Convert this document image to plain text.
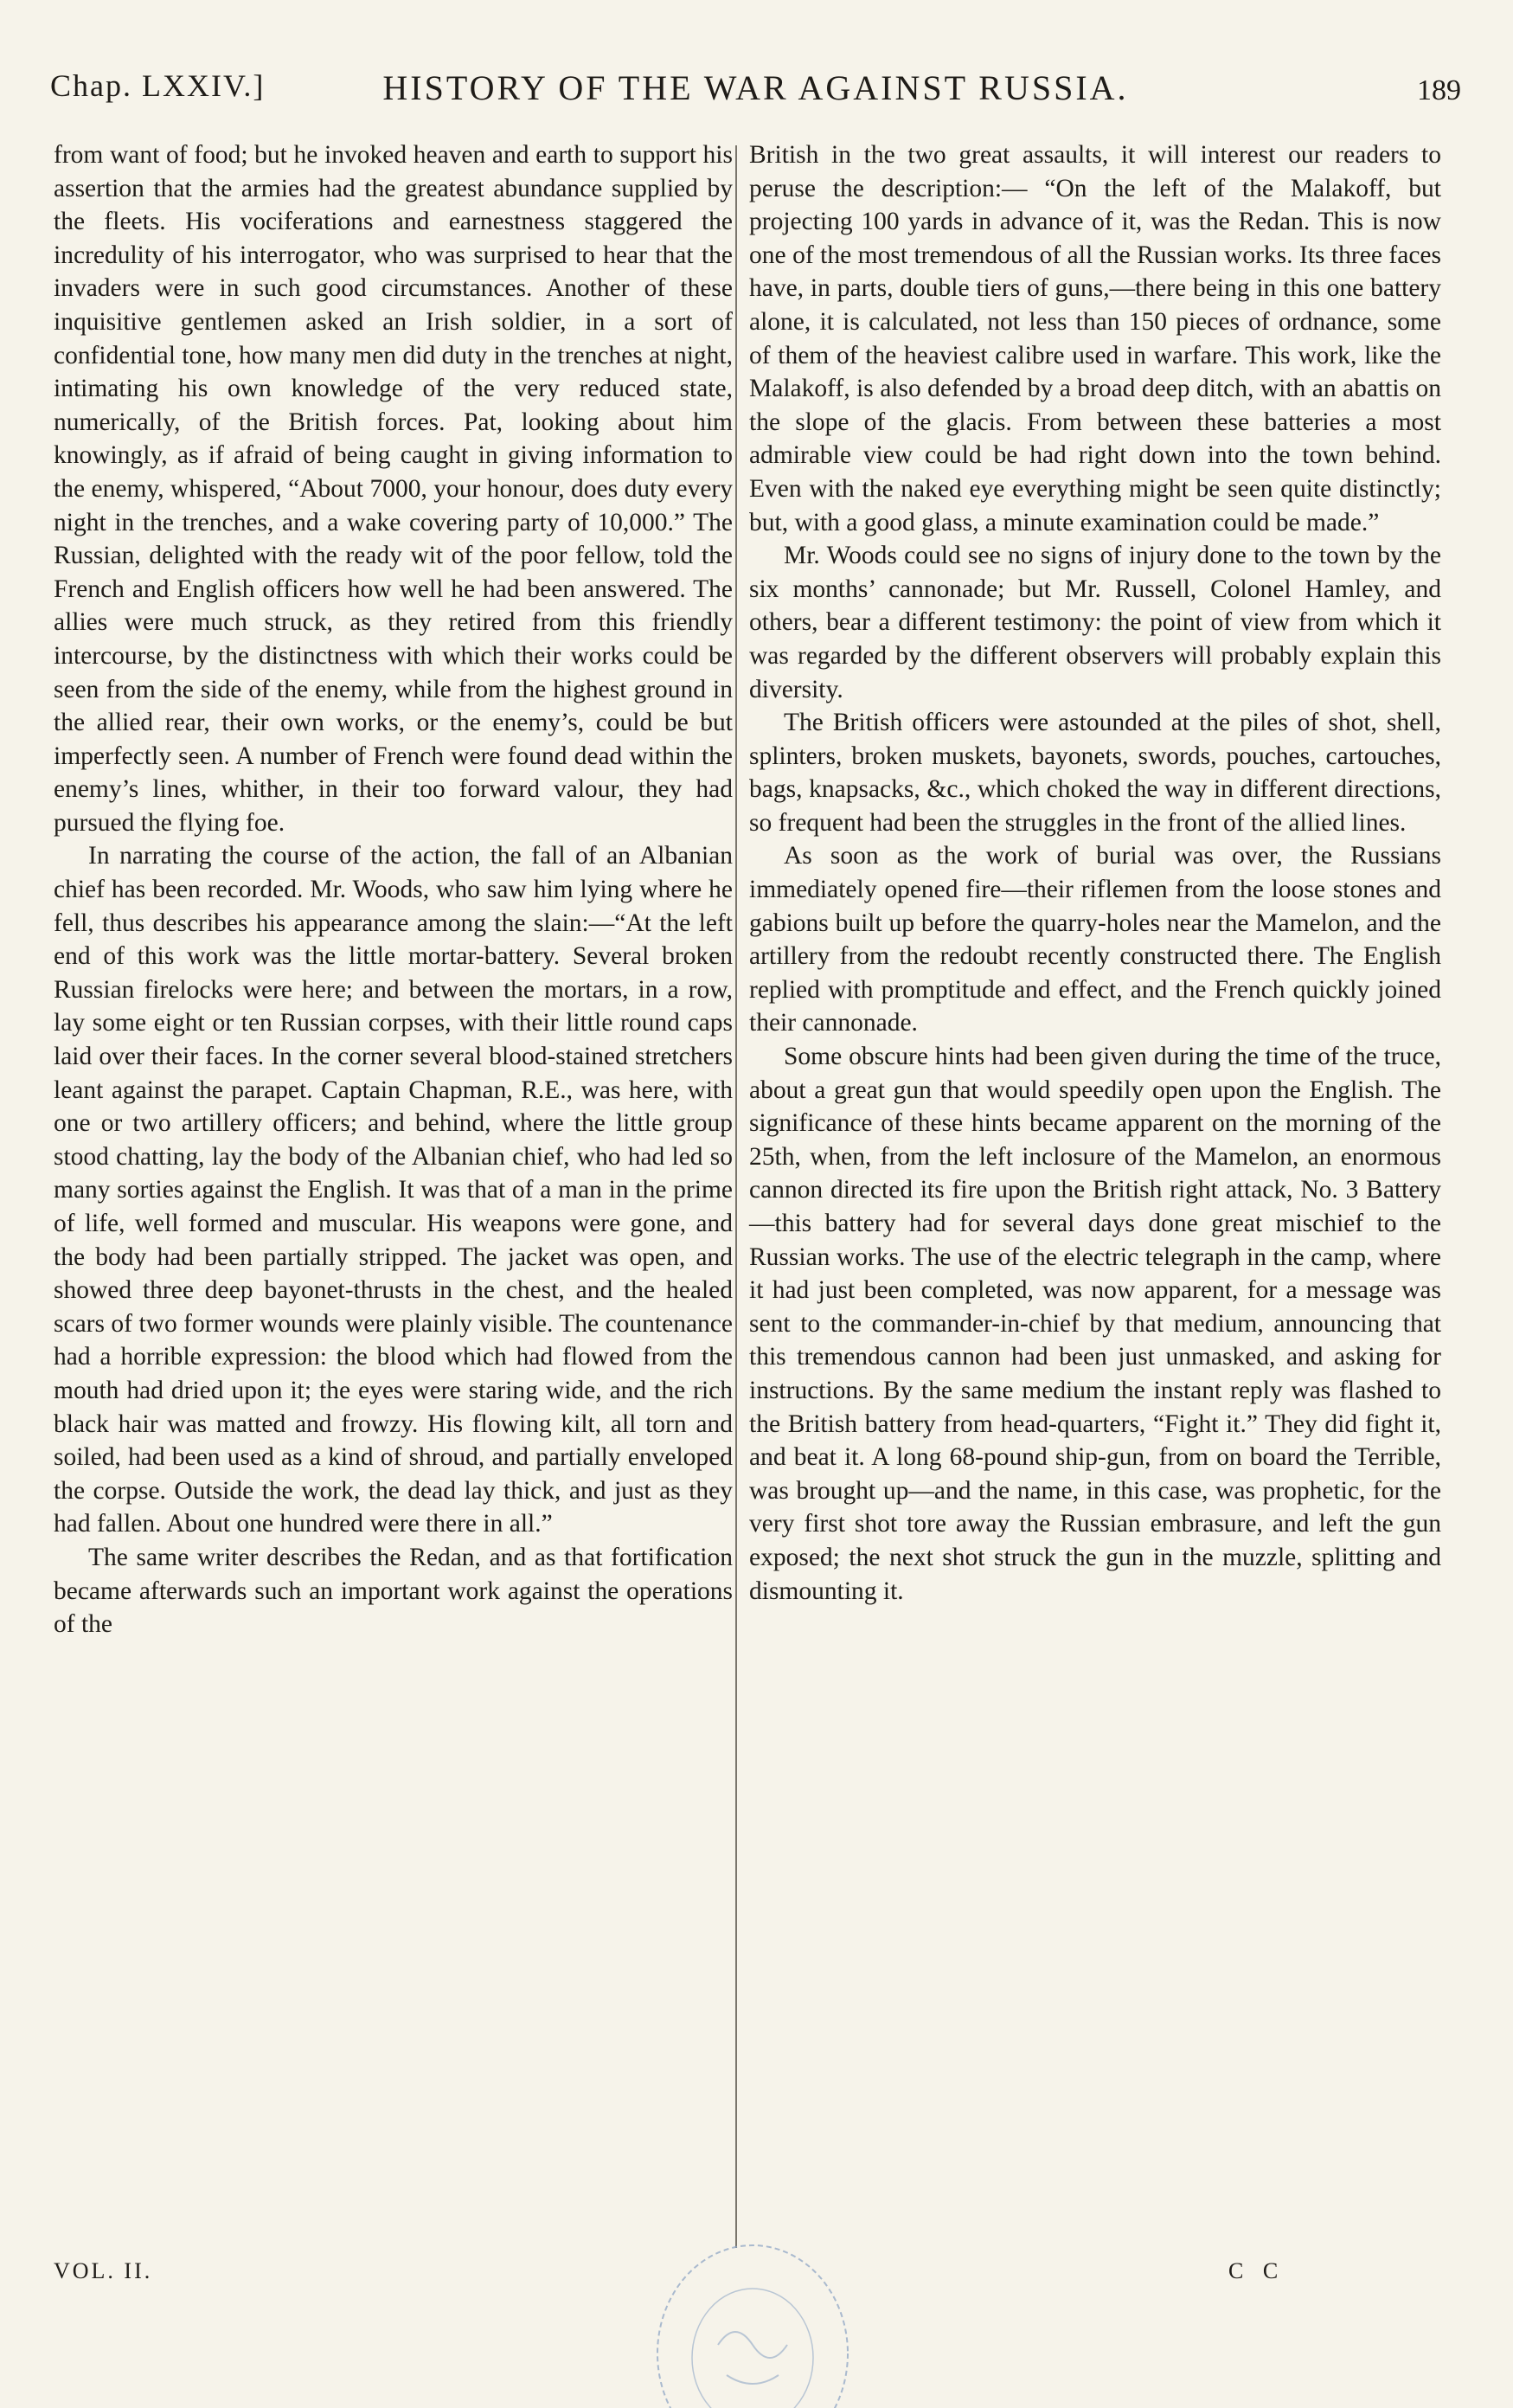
Chap. LXXIV.]	HISTORY OF THE WAR AGAINST RUSSIA.	189

from want of food; but he invoked heaven and earth to support his assertion that the armies had the greatest abundance supplied by the fleets. His vociferations and earnestness staggered the incredulity of his interrogator, who was surprised to hear that the invaders were in such good circumstances. Another of these inquisitive gentlemen asked an Irish soldier, in a sort of confidential tone, how many men did duty in the trenches at night, intimating his own knowledge of the very reduced state, numerically, of the British forces. Pat, looking about him knowingly, as if afraid of being caught in giving information to the enemy, whispered, “About 7000, your honour, does duty every night in the trenches, and a wake covering party of 10,000.” The Russian, delighted with the ready wit of the poor fellow, told the French and English officers how well he had been answered. The allies were much struck, as they retired from this friendly intercourse, by the distinctness with which their works could be seen from the side of the enemy, while from the highest ground in the allied rear, their own works, or the enemy’s, could be but imperfectly seen. A number of French were found dead within the enemy’s lines, whither, in their too forward valour, they had pursued the flying foe.

In narrating the course of the action, the fall of an Albanian chief has been recorded. Mr. Woods, who saw him lying where he fell, thus describes his appearance among the slain:—“At the left end of this work was the little mortar-battery. Several broken Russian firelocks were here; and between the mortars, in a row, lay some eight or ten Russian corpses, with their little round caps laid over their faces. In the corner several blood-stained stretchers leant against the parapet. Captain Chapman, R.E., was here, with one or two artillery officers; and behind, where the little group stood chatting, lay the body of the Albanian chief, who had led so many sorties against the English. It was that of a man in the prime of life, well formed and muscular. His weapons were gone, and the body had been partially stripped. The jacket was open, and showed three deep bayonet-thrusts in the chest, and the healed scars of two former wounds were plainly visible. The countenance had a horrible expression: the blood which had flowed from the mouth had dried upon it; the eyes were staring wide, and the rich black hair was matted and frowzy. His flowing kilt, all torn and soiled, had been used as a kind of shroud, and partially enveloped the corpse. Outside the work, the dead lay thick, and just as they had fallen. About one hundred were there in all.”

The same writer describes the Redan, and as that fortification became afterwards such an important work against the operations of the

British in the two great assaults, it will interest our readers to peruse the description:— “On the left of the Malakoff, but projecting 100 yards in advance of it, was the Redan. This is now one of the most tremendous of all the Russian works. Its three faces have, in parts, double tiers of guns,—there being in this one battery alone, it is calculated, not less than 150 pieces of ordnance, some of them of the heaviest calibre used in warfare. This work, like the Malakoff, is also defended by a broad deep ditch, with an abattis on the slope of the glacis. From between these batteries a most admirable view could be had right down into the town behind. Even with the naked eye everything might be seen quite distinctly; but, with a good glass, a minute examination could be made.”

Mr. Woods could see no signs of injury done to the town by the six months’ cannonade; but Mr. Russell, Colonel Hamley, and others, bear a different testimony: the point of view from which it was regarded by the different observers will probably explain this diversity.

The British officers were astounded at the piles of shot, shell, splinters, broken muskets, bayonets, swords, pouches, cartouches, bags, knapsacks, &c., which choked the way in different directions, so frequent had been the struggles in the front of the allied lines.

As soon as the work of burial was over, the Russians immediately opened fire—their riflemen from the loose stones and gabions built up before the quarry-holes near the Mamelon, and the artillery from the redoubt recently constructed there. The English replied with promptitude and effect, and the French quickly joined their cannonade.

Some obscure hints had been given during the time of the truce, about a great gun that would speedily open upon the English. The significance of these hints became apparent on the morning of the 25th, when, from the left inclosure of the Mamelon, an enormous cannon directed its fire upon the British right attack, No. 3 Battery—this battery had for several days done great mischief to the Russian works. The use of the electric telegraph in the camp, where it had just been completed, was now apparent, for a message was sent to the commander-in-chief by that medium, announcing that this tremendous cannon had been just unmasked, and asking for instructions. By the same medium the instant reply was flashed to the British battery from head-quarters, “Fight it.” They did fight it, and beat it. A long 68-pound ship-gun, from on board the Terrible, was brought up—and the name, in this case, was prophetic, for the very first shot tore away the Russian embrasure, and left the gun exposed; the next shot struck the gun in the muzzle, splitting and dismounting it.

VOL. II.	C C
